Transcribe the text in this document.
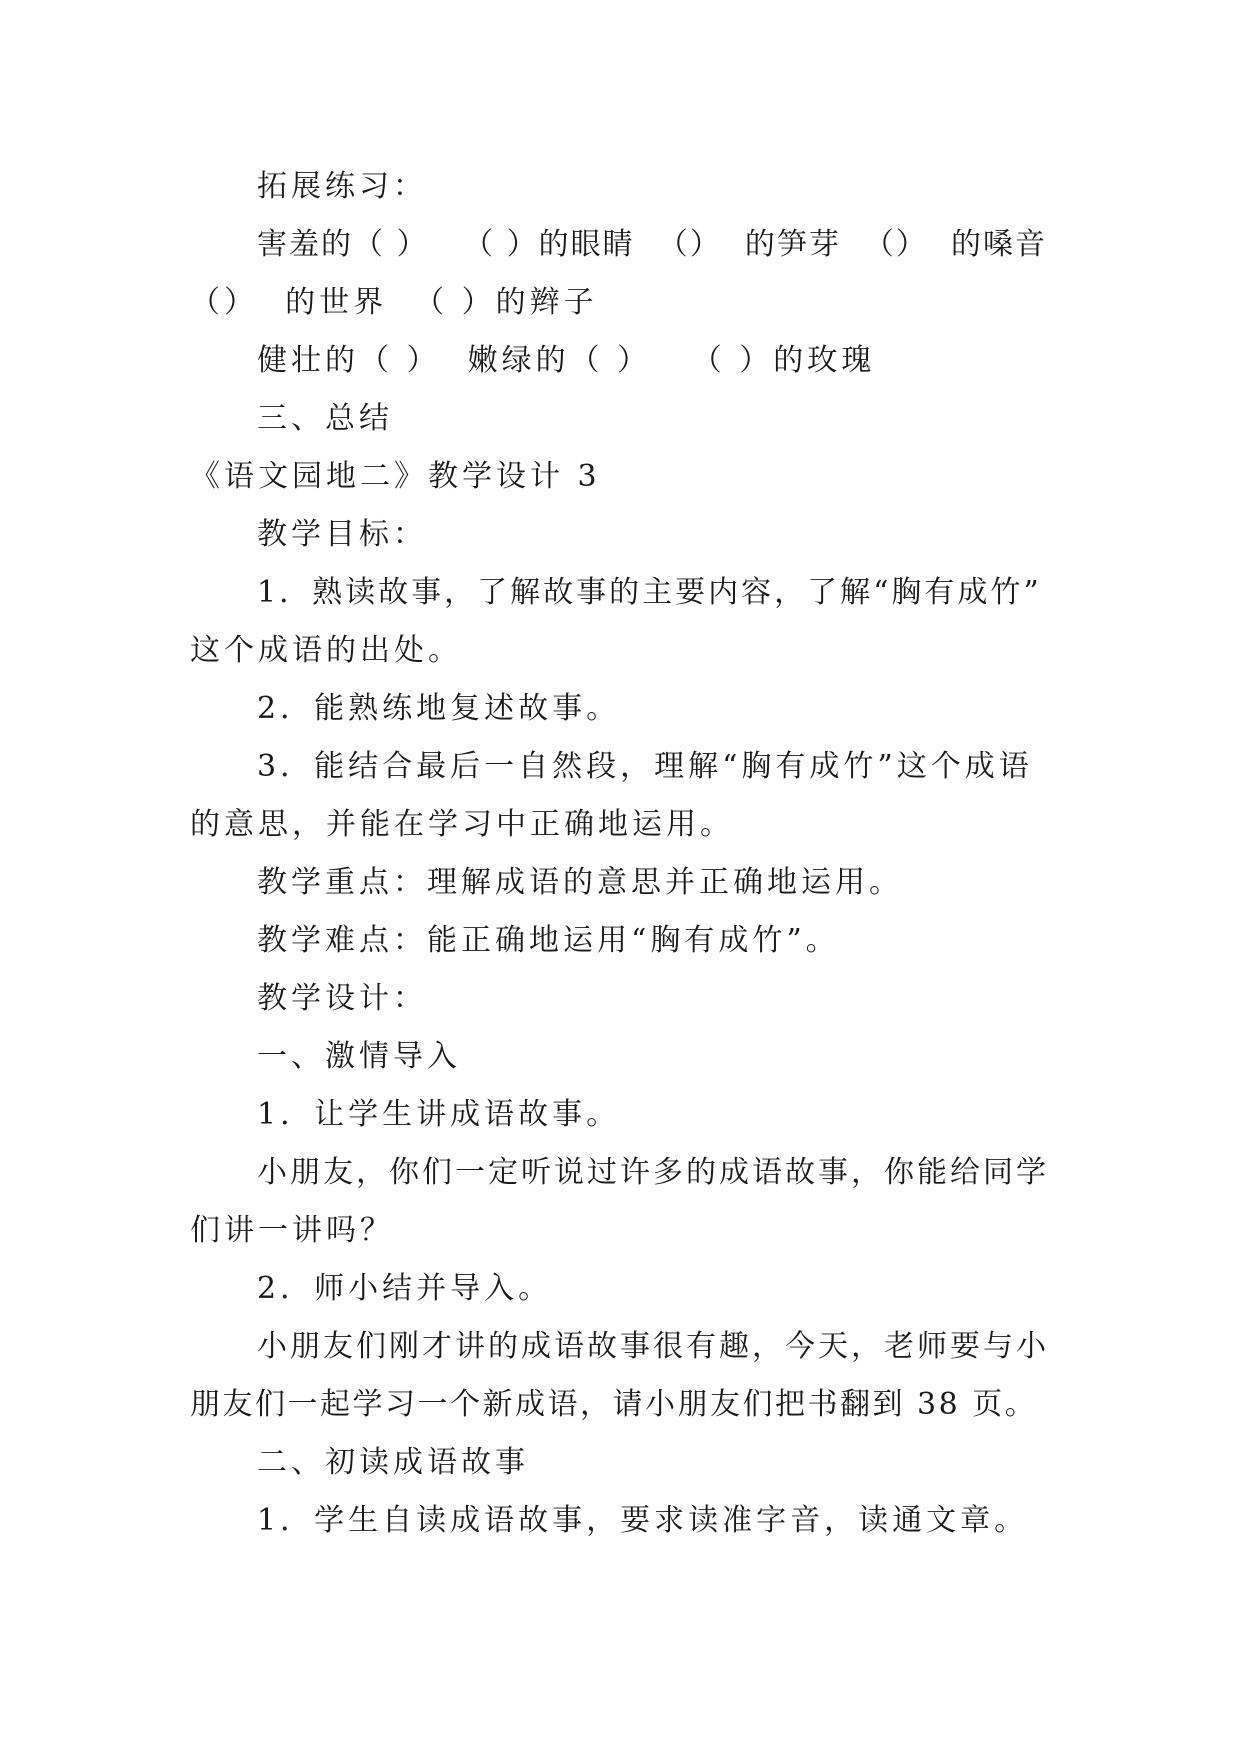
拓展练习：
害羞的（ ）   （ ）的眼睛  （）  的笋芽  （）  的嗓音
（）  的世界  （ ）的辫子
健壮的（ ）  嫩绿的（ ）   （ ）的玫瑰
三、总结
《语文园地二》教学设计 3
教学目标：
1．熟读故事，了解故事的主要内容，了解“胸有成竹”
这个成语的出处。
2．能熟练地复述故事。
3．能结合最后一自然段，理解“胸有成竹”这个成语
的意思，并能在学习中正确地运用。
教学重点：理解成语的意思并正确地运用。
教学难点：能正确地运用“胸有成竹”。
教学设计：
一、激情导入
1．让学生讲成语故事。
小朋友，你们一定听说过许多的成语故事，你能给同学
们讲一讲吗？
2．师小结并导入。
小朋友们刚才讲的成语故事很有趣，今天，老师要与小
朋友们一起学习一个新成语，请小朋友们把书翻到 38 页。
二、初读成语故事
1．学生自读成语故事，要求读准字音，读通文章。
